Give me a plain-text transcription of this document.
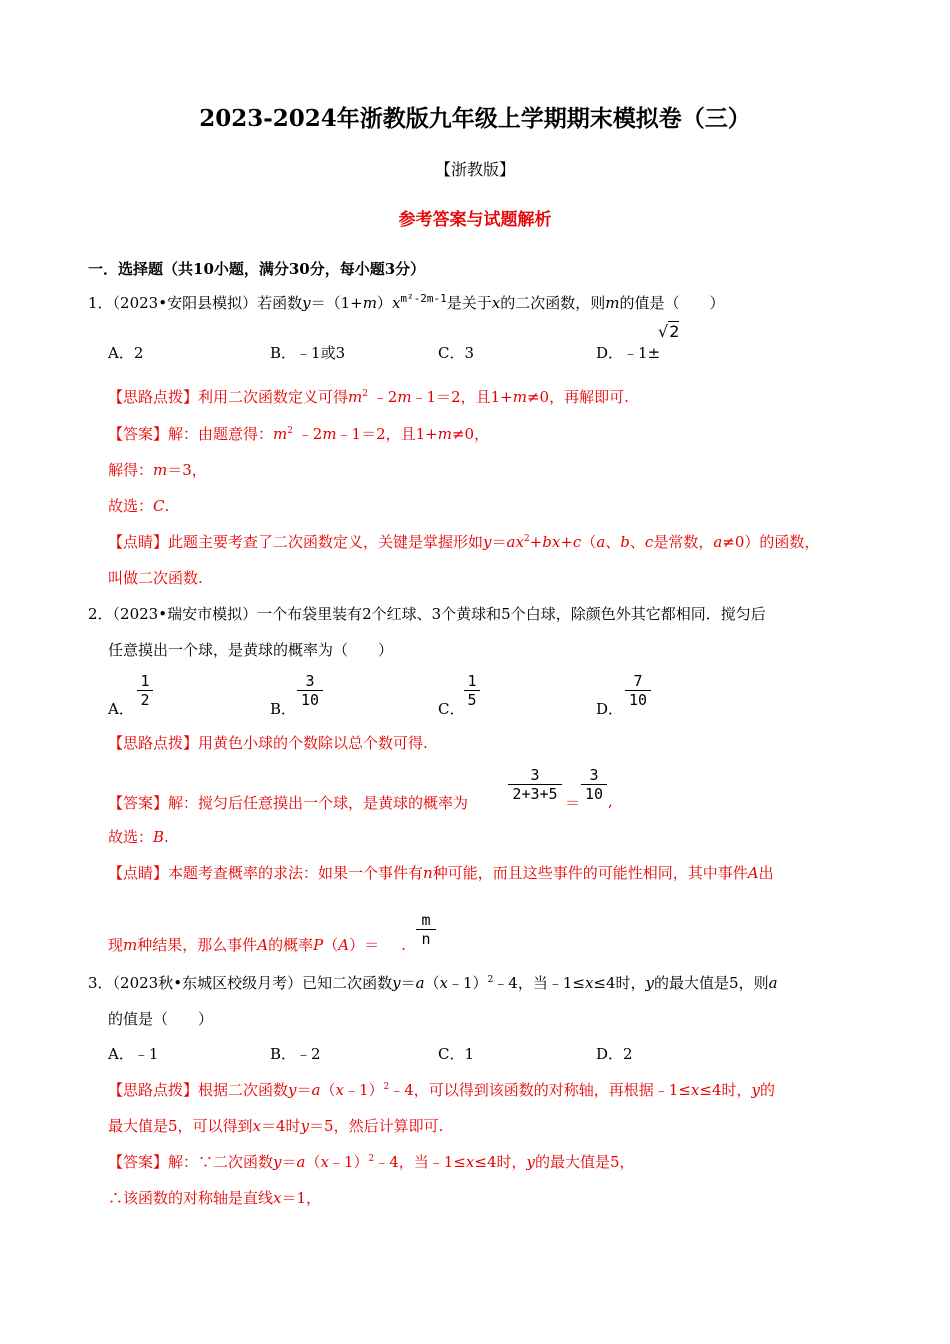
2023-2024年浙教版九年级上学期期末模拟卷（三）
【浙教版】
参考答案与试题解析
一．选择题（共10小题，满分30分，每小题3分）
1．（2023•安阳县模拟）若函数$y=(1+m)x^{m^2-2m-1}$是关于x的二次函数，则m的值是（　　）
A．2	B．﹣1或3	C．3	D．﹣1±
√2
【思路点拨】利用二次函数定义可得$m^2$ ﹣2m﹣1＝2，且1+m≠0，再解即可.
【答案】解：由题意得：$m^2$ ﹣2m﹣1＝2，且1+m≠0，
解得：m＝3，
故选：C.
【点睛】此题主要考查了二次函数定义，关键是掌握形如$y=ax^2+bx+c(a$、b、c是常数，a≠0）的函数，
叫做二次函数.
2．（2023•瑞安市模拟）一个布袋里装有2个红球、3个黄球和5个白球，除颜色外其它都相同．搅匀后
任意摸出一个球，是黄球的概率为（　　）
A． $\frac{1}{2}$	B． $\frac{3}{10}$	C． $\frac{1}{5}$	D． $\frac{7}{10}$
【思路点拨】用黄色小球的个数除以总个数可得.
【答案】解：搅匀后任意摸出一个球，是黄球的概率为	$\frac{3}{2+3+5} = \frac{3}{10}$ ,
故选：B.
【点睛】本题考查概率的求法：如果一个事件有n种可能，而且这些事件的可能性相同，其中事件A出
现m种结果，那么事件A的概率P（A）＝ . $\frac{m}{n}$
3．（2023秋•东城区校级月考）已知二次函数y＝a（x﹣1）$^2$﹣4，当﹣1≤x≤4时，y的最大值是5，则a
的值是（　　）
A．﹣1	B．﹣2	C．1	D．2
【思路点拨】根据二次函数y＝a（x﹣1）$^2$﹣4，可以得到该函数的对称轴，再根据﹣1≤x≤4时，y的
最大值是5，可以得到x＝4时y＝5，然后计算即可.
【答案】解：∵二次函数y＝a（x﹣1）$^2$﹣4，当﹣1≤x≤4时，y的最大值是5，
∴该函数的对称轴是直线x＝1，
